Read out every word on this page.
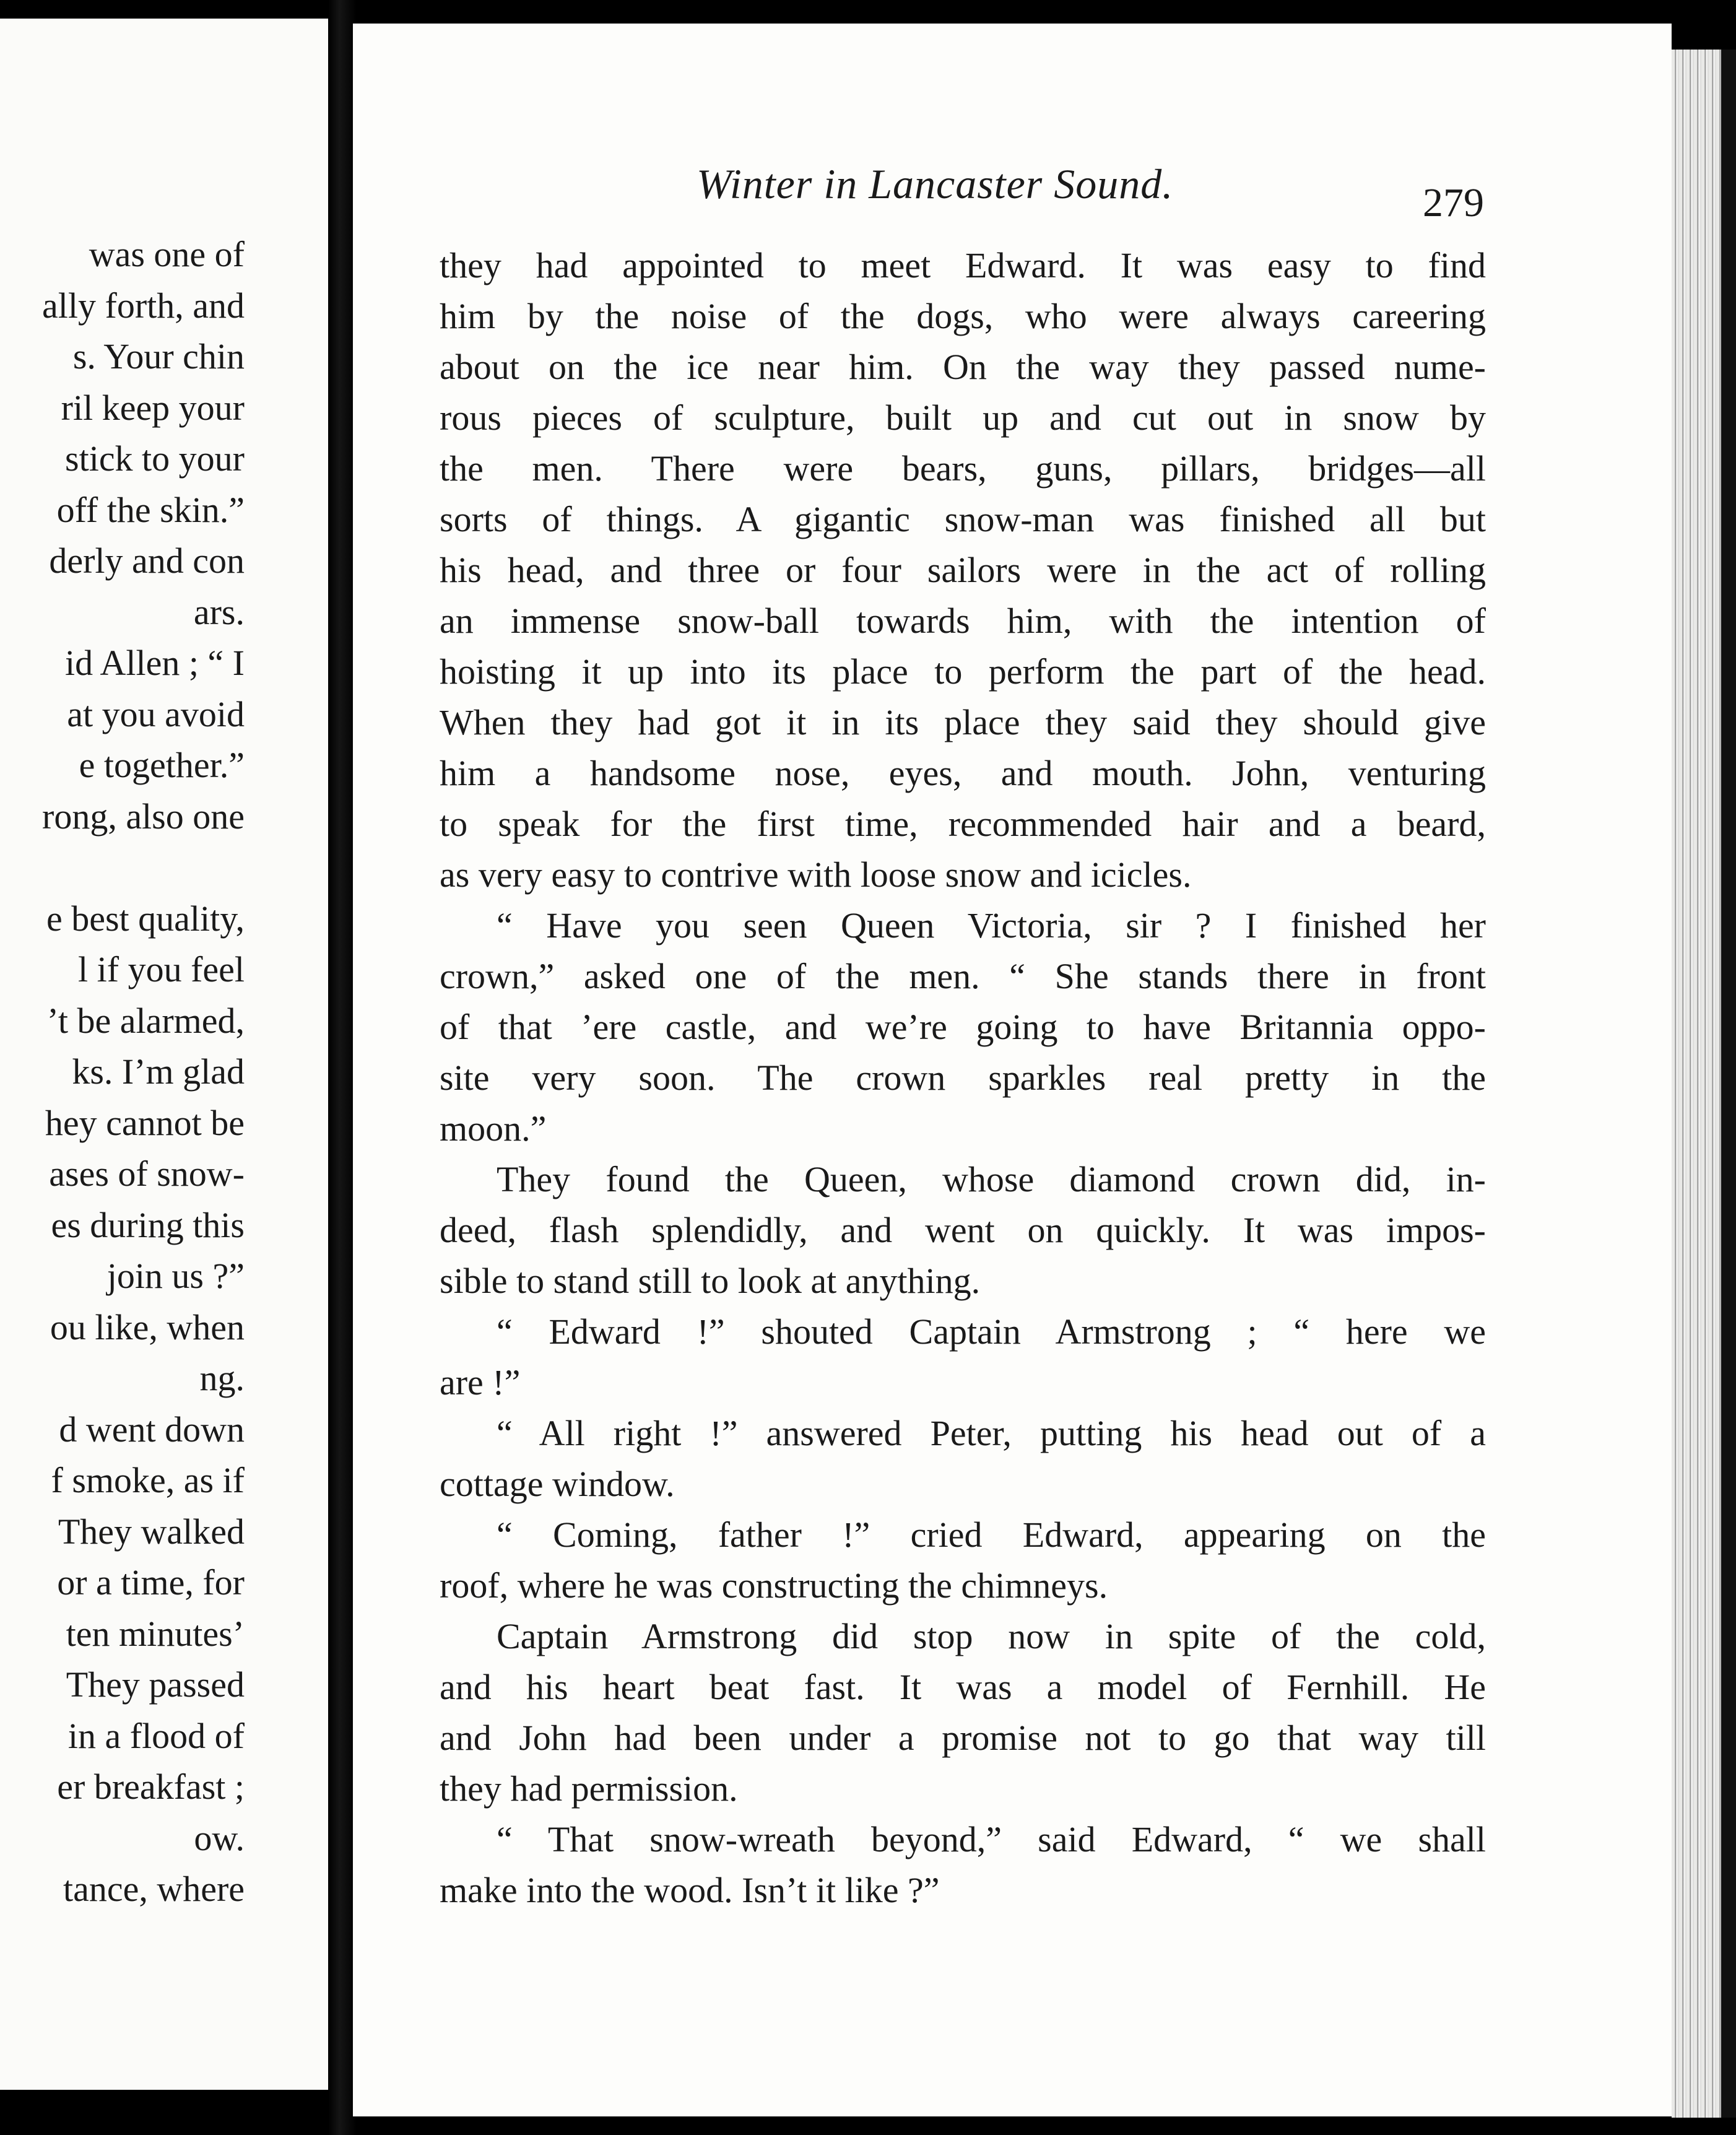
was one of
ally forth, and
s. Your chin
ril keep your
stick to your
off the skin.”
derly and con
ars.
id Allen ; “ I
at you avoid
e together.”
rong, also one
e best quality,
l if you feel
’t be alarmed,
ks. I’m glad
hey cannot be
ases of snow-
es during this
join us ?”
ou like, when
ng.
d went down
f smoke, as if
They walked
or a time, for
ten minutes’
They passed
in a flood of
er breakfast ;
ow.
tance, where
Winter in Lancaster Sound.	279
they had appointed to meet Edward. It was easy to find
him by the noise of the dogs, who were always careering
about on the ice near him. On the way they passed nume-
rous pieces of sculpture, built up and cut out in snow by
the men. There were bears, guns, pillars, bridges—all
sorts of things. A gigantic snow-man was finished all but
his head, and three or four sailors were in the act of rolling
an immense snow-ball towards him, with the intention of
hoisting it up into its place to perform the part of the head.
When they had got it in its place they said they should give
him a handsome nose, eyes, and mouth. John, venturing
to speak for the first time, recommended hair and a beard,
as very easy to contrive with loose snow and icicles.
“ Have you seen Queen Victoria, sir ? I finished her
crown,” asked one of the men. “ She stands there in front
of that ’ere castle, and we’re going to have Britannia oppo-
site very soon. The crown sparkles real pretty in the
moon.”
They found the Queen, whose diamond crown did, in-
deed, flash splendidly, and went on quickly. It was impos-
sible to stand still to look at anything.
“ Edward !” shouted Captain Armstrong ; “ here we
are !”
“ All right !” answered Peter, putting his head out of a
cottage window.
“ Coming, father !” cried Edward, appearing on the
roof, where he was constructing the chimneys.
Captain Armstrong did stop now in spite of the cold,
and his heart beat fast. It was a model of Fernhill. He
and John had been under a promise not to go that way till
they had permission.
“ That snow-wreath beyond,” said Edward, “ we shall
make into the wood. Isn’t it like ?”
